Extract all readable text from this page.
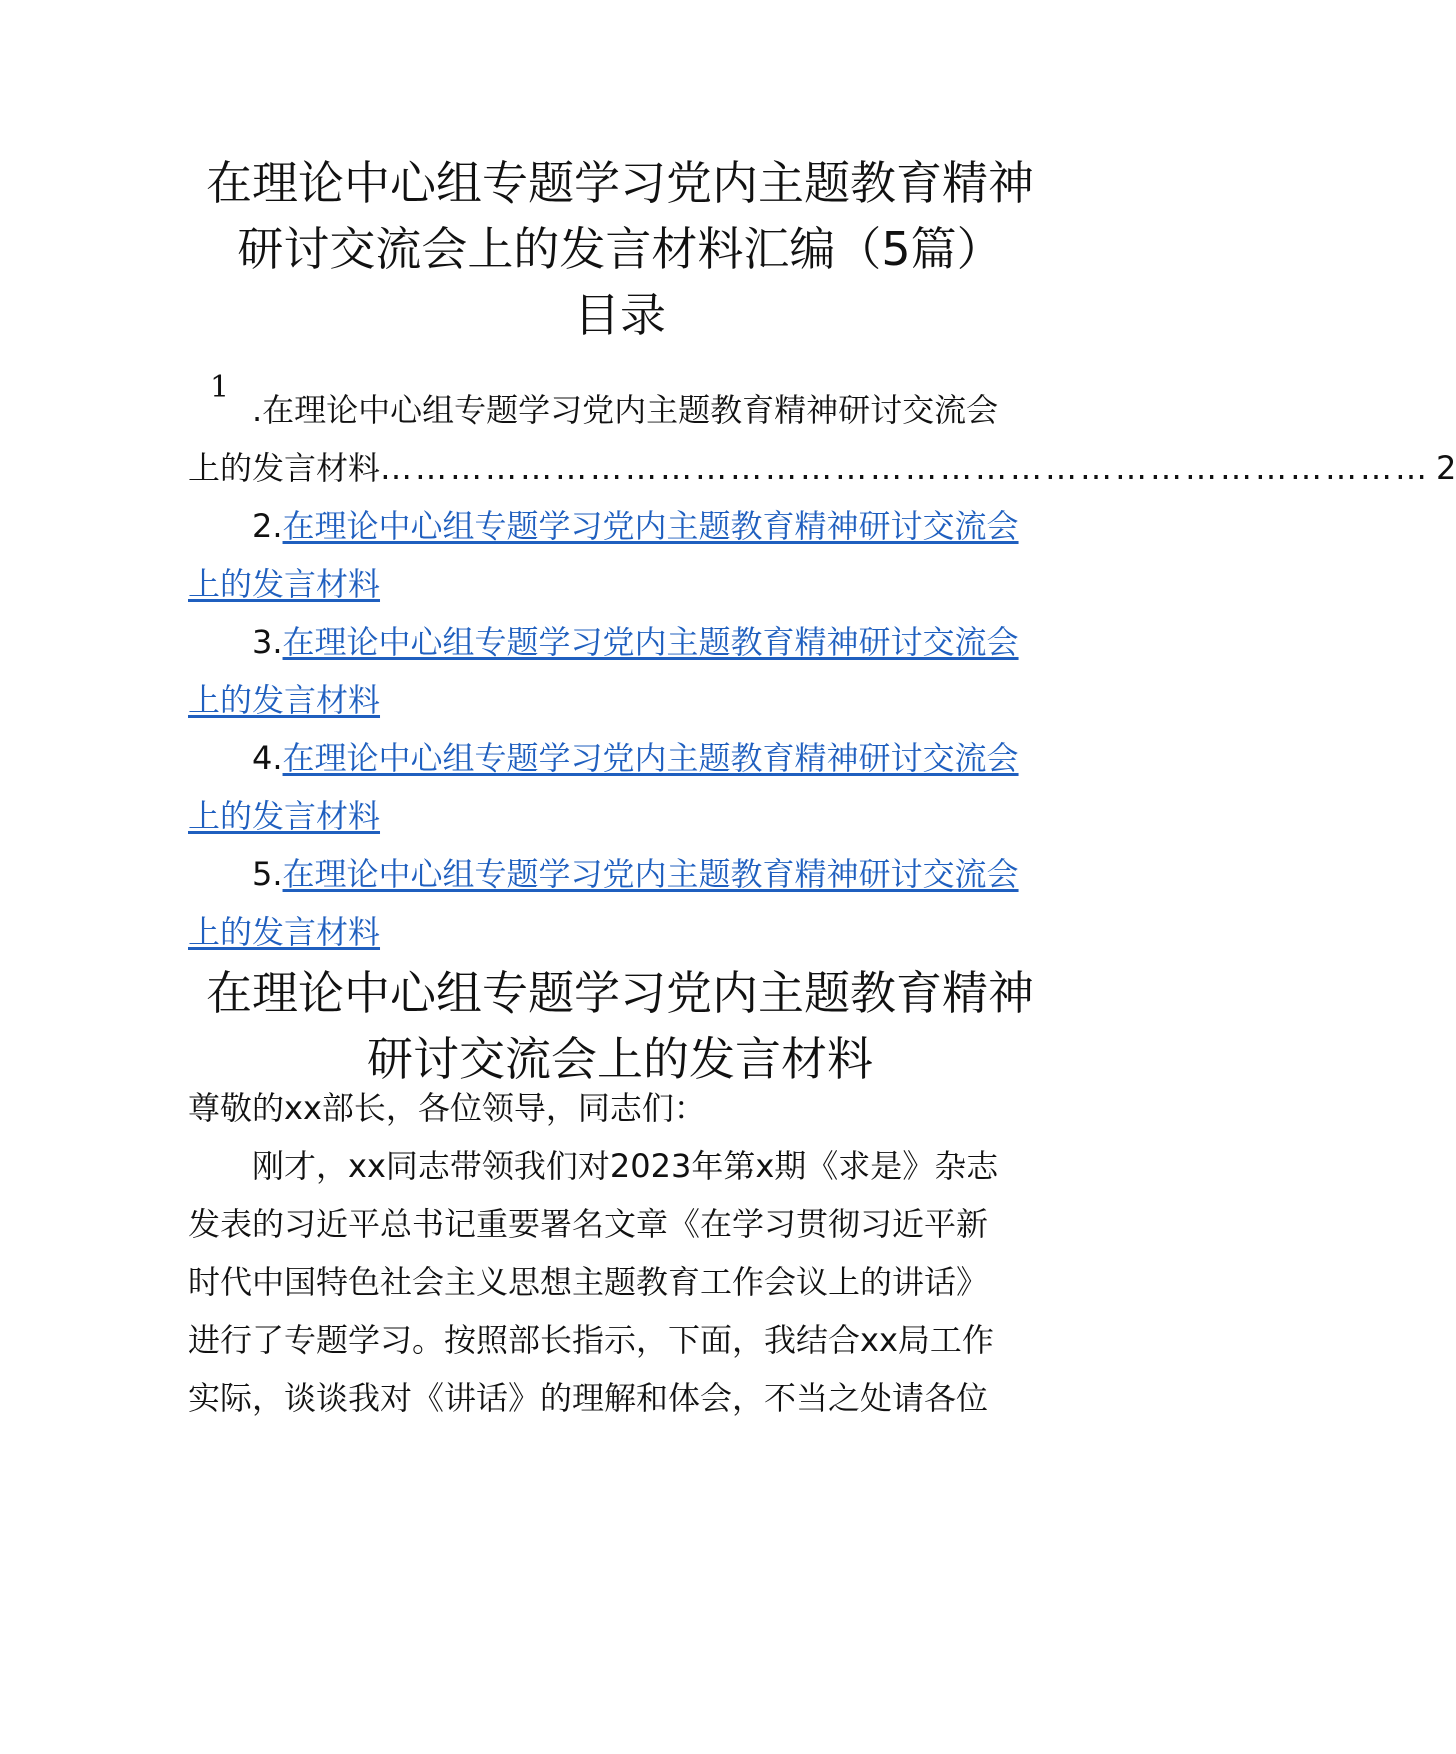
在理论中心组专题学习党内主题教育精神
研讨交流会上的发言材料汇编（5篇）
目录
1
.在理论中心组专题学习党内主题教育精神研讨交流会
上的发言材料 ……………………………………………………………………………… 2
2.在理论中心组专题学习党内主题教育精神研讨交流会
上的发言材料
3.在理论中心组专题学习党内主题教育精神研讨交流会
上的发言材料
4.在理论中心组专题学习党内主题教育精神研讨交流会
上的发言材料
5.在理论中心组专题学习党内主题教育精神研讨交流会
上的发言材料
在理论中心组专题学习党内主题教育精神
研讨交流会上的发言材料
尊敬的xx部长，各位领导，同志们：
刚才，xx同志带领我们对2023年第x期《求是》杂志
发表的习近平总书记重要署名文章《在学习贯彻习近平新
时代中国特色社会主义思想主题教育工作会议上的讲话》
进行了专题学习。按照部长指示，下面，我结合xx局工作
实际，谈谈我对《讲话》的理解和体会，不当之处请各位
